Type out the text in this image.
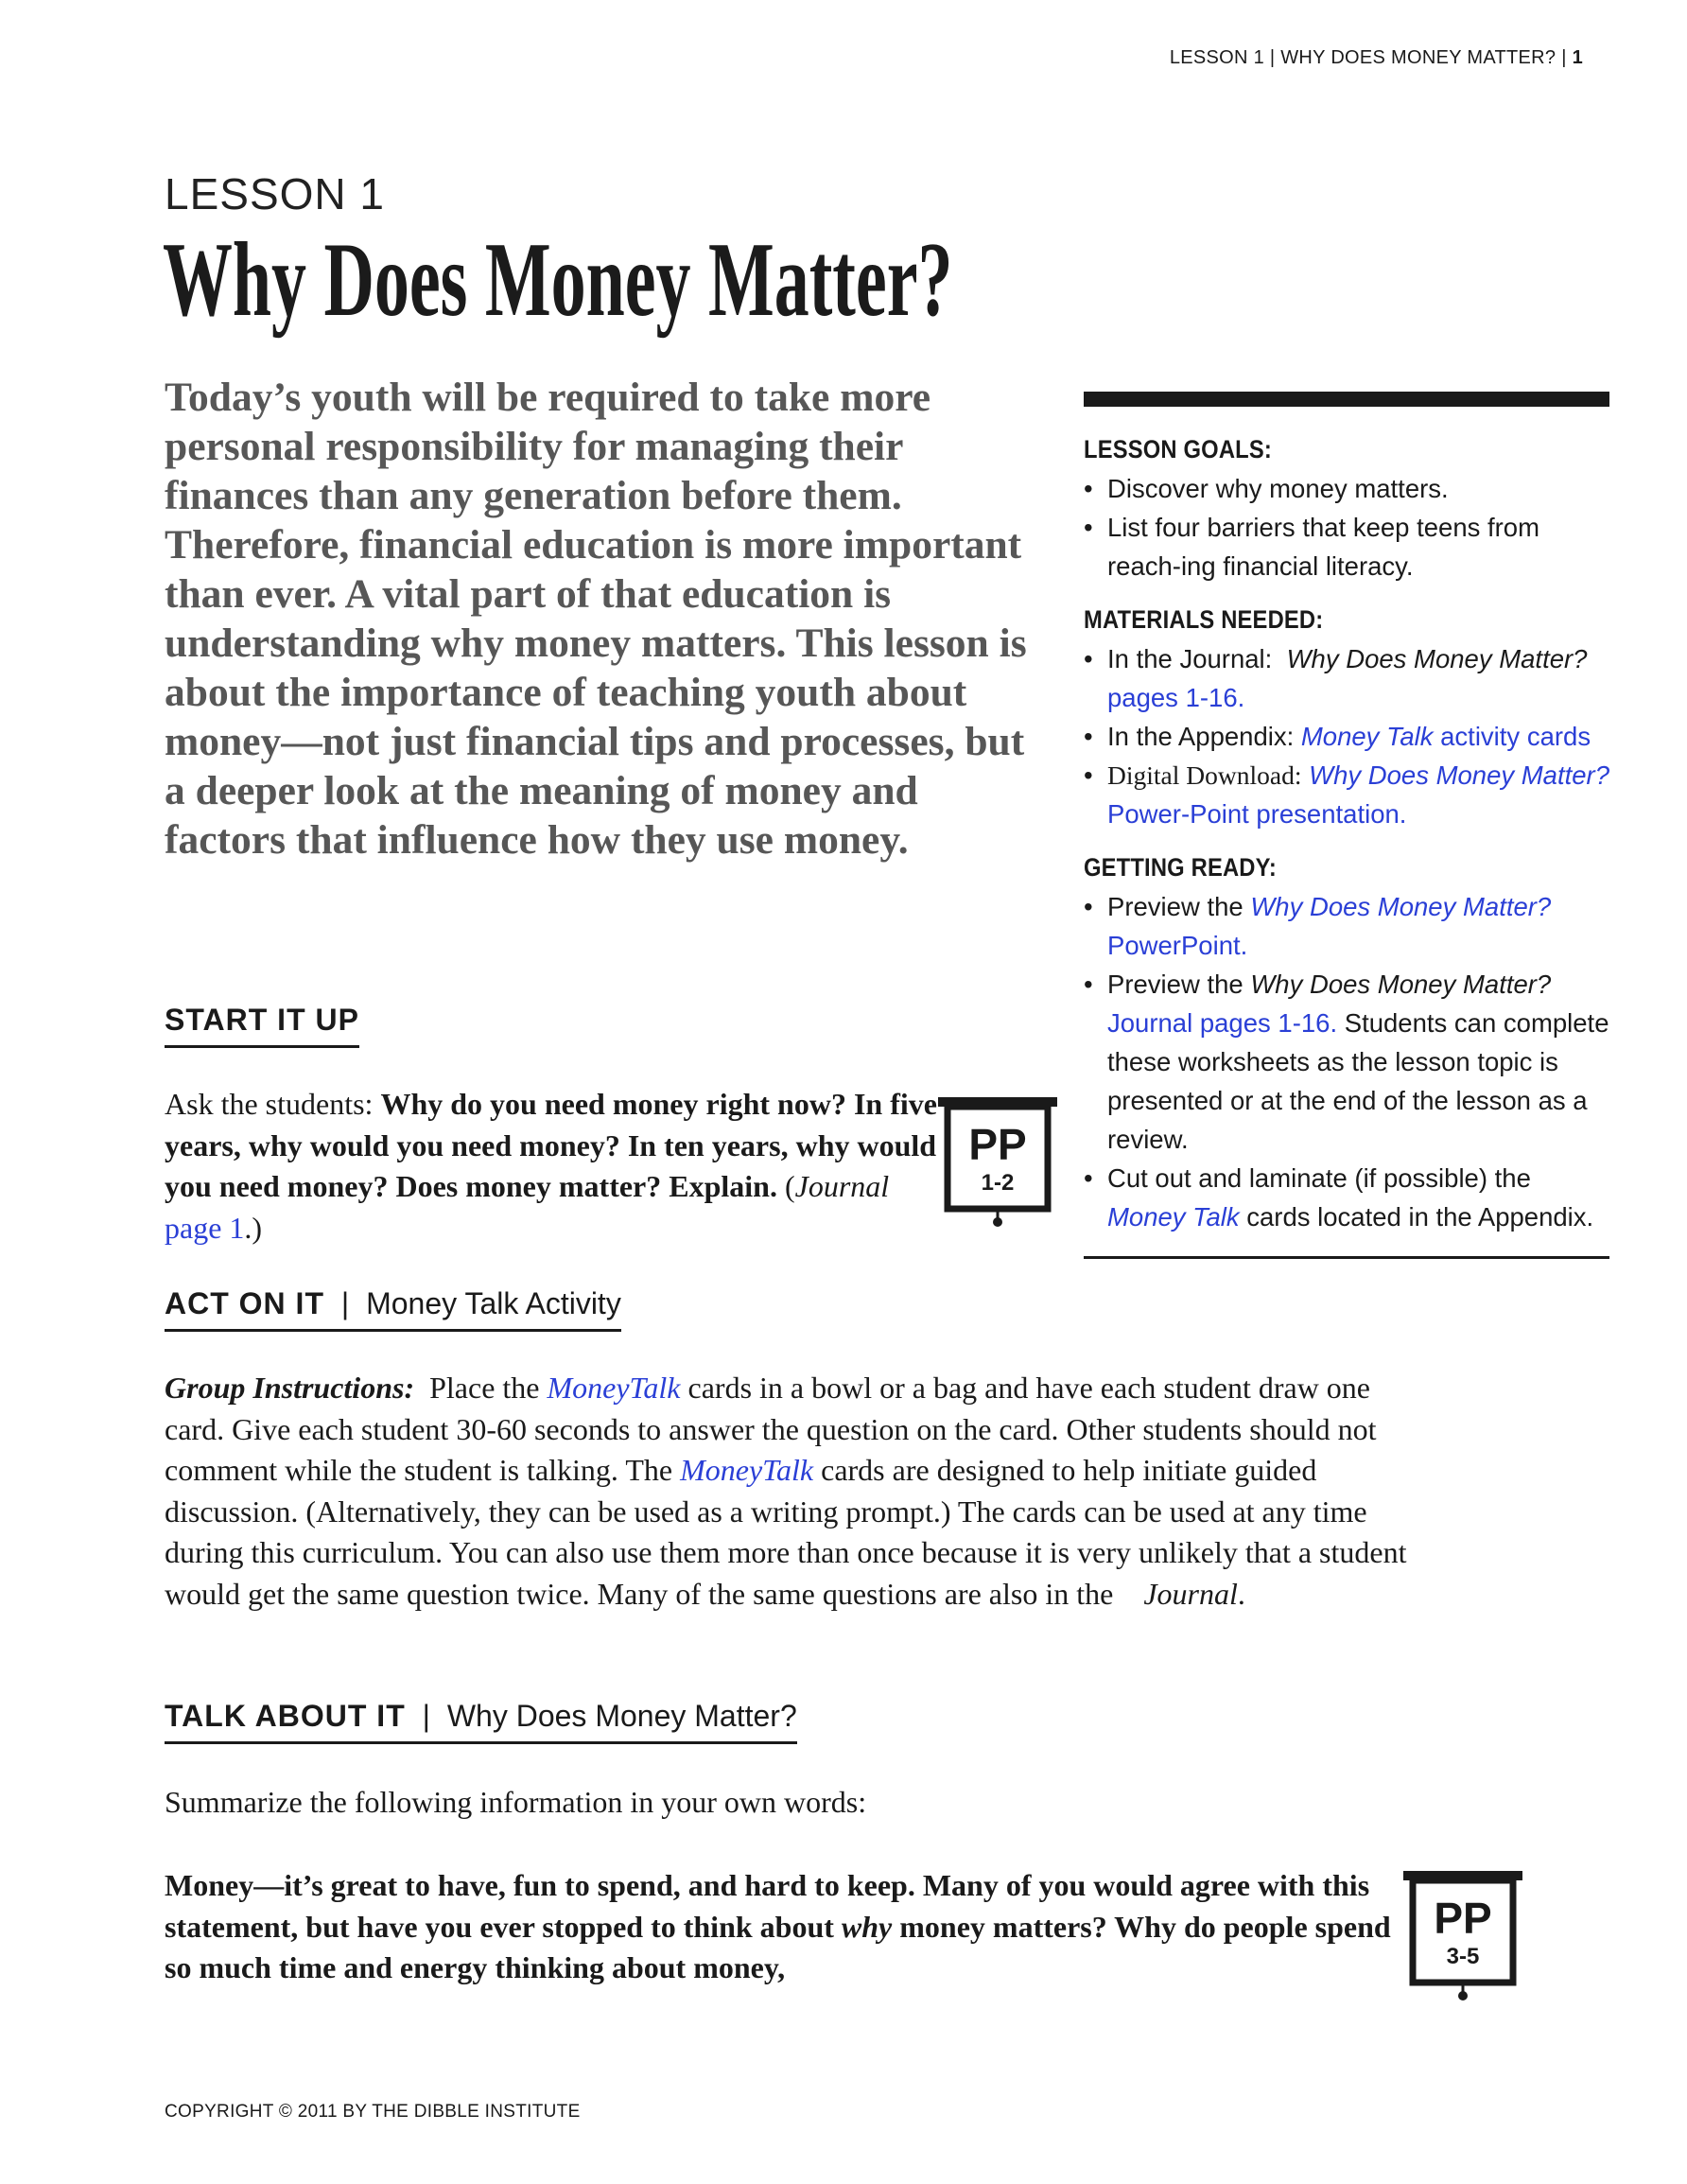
LESSON 1 | WHY DOES MONEY MATTER? | 1
LESSON 1
Why Does Money Matter?
Today’s youth will be required to take more personal responsibility for managing their finances than any generation before them. Therefore, financial education is more important than ever. A vital part of that education is understanding why money matters. This lesson is about the importance of teaching youth about money—not just financial tips and processes, but a deeper look at the meaning of money and factors that influence how they use money.
LESSON GOALS:
• Discover why money matters.
• List four barriers that keep teens from reach-ing financial literacy.
MATERIALS NEEDED:
• In the Journal: Why Does Money Matter? pages 1-16.
• In the Appendix: Money Talk activity cards
• Digital Download: Why Does Money Matter? Power-Point presentation.
GETTING READY:
• Preview the Why Does Money Matter? PowerPoint.
• Preview the Why Does Money Matter? Journal pages 1-16. Students can complete these worksheets as the lesson topic is presented or at the end of the lesson as a review.
• Cut out and laminate (if possible) the Money Talk cards located in the Appendix.
START IT UP
Ask the students: Why do you need money right now? In five years, why would you need money? In ten years, why would you need money? Does money matter? Explain. (Journal page 1.)
PP
1-2
ACT ON IT | Money Talk Activity
Group Instructions: Place the MoneyTalk cards in a bowl or a bag and have each student draw one card. Give each student 30-60 seconds to answer the question on the card. Other students should not comment while the student is talking. The MoneyTalk cards are designed to help initiate guided discussion. (Alternatively, they can be used as a writing prompt.) The cards can be used at any time during this curriculum. You can also use them more than once because it is very unlikely that a student would get the same question twice. Many of the same questions are also in the Journal.
TALK ABOUT IT | Why Does Money Matter?
Summarize the following information in your own words:
Money—it’s great to have, fun to spend, and hard to keep. Many of you would agree with this statement, but have you ever stopped to think about why money matters? Why do people spend so much time and energy thinking about money,
PP
3-5
COPYRIGHT © 2011 BY THE DIBBLE INSTITUTE
